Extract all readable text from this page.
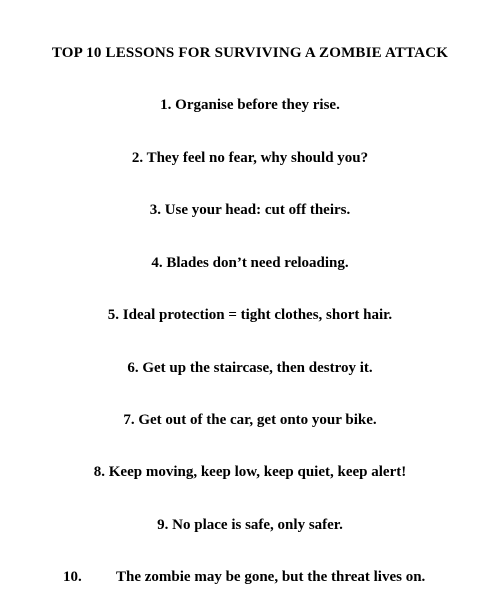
TOP 10 LESSONS FOR SURVIVING A ZOMBIE ATTACK
1. Organise before they rise.
2. They feel no fear, why should you?
3. Use your head: cut off theirs.
4. Blades don’t need reloading.
5. Ideal protection = tight clothes, short hair.
6. Get up the staircase, then destroy it.
7. Get out of the car, get onto your bike.
8. Keep moving, keep low, keep quiet, keep alert!
9. No place is safe, only safer.
10. The zombie may be gone, but the threat lives on.
